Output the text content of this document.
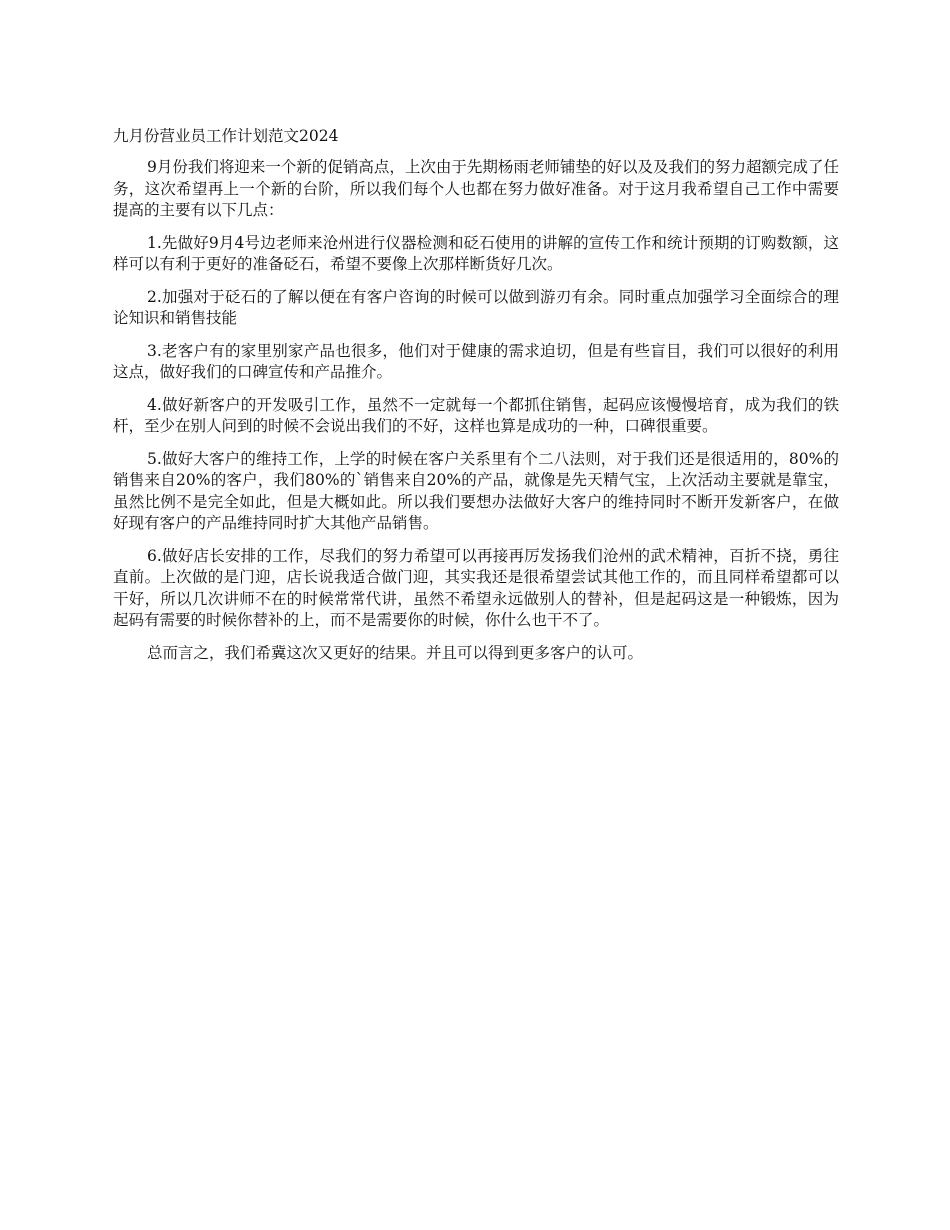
九月份营业员工作计划范文2024

9月份我们将迎来一个新的促销高点，上次由于先期杨雨老师铺垫的好以及及我们的努力超额完成了任务，这次希望再上一个新的台阶，所以我们每个人也都在努力做好准备。对于这月我希望自己工作中需要提高的主要有以下几点：

1.先做好9月4号边老师来沧州进行仪器检测和砭石使用的讲解的宣传工作和统计预期的订购数额，这样可以有利于更好的准备砭石，希望不要像上次那样断货好几次。

2.加强对于砭石的了解以便在有客户咨询的时候可以做到游刃有余。同时重点加强学习全面综合的理论知识和销售技能

3.老客户有的家里别家产品也很多，他们对于健康的需求迫切，但是有些盲目，我们可以很好的利用这点，做好我们的口碑宣传和产品推介。

4.做好新客户的开发吸引工作，虽然不一定就每一个都抓住销售，起码应该慢慢培育，成为我们的铁杆，至少在别人问到的时候不会说出我们的不好，这样也算是成功的一种，口碑很重要。

5.做好大客户的维持工作，上学的时候在客户关系里有个二八法则，对于我们还是很适用的，80%的销售来自20%的客户，我们80%的`销售来自20%的产品，就像是先天精气宝，上次活动主要就是靠宝，虽然比例不是完全如此，但是大概如此。所以我们要想办法做好大客户的维持同时不断开发新客户，在做好现有客户的产品维持同时扩大其他产品销售。

6.做好店长安排的工作，尽我们的努力希望可以再接再厉发扬我们沧州的武术精神，百折不挠，勇往直前。上次做的是门迎，店长说我适合做门迎，其实我还是很希望尝试其他工作的，而且同样希望都可以干好，所以几次讲师不在的时候常常代讲，虽然不希望永远做别人的替补，但是起码这是一种锻炼，因为起码有需要的时候你替补的上，而不是需要你的时候，你什么也干不了。

总而言之，我们希冀这次又更好的结果。并且可以得到更多客户的认可。
